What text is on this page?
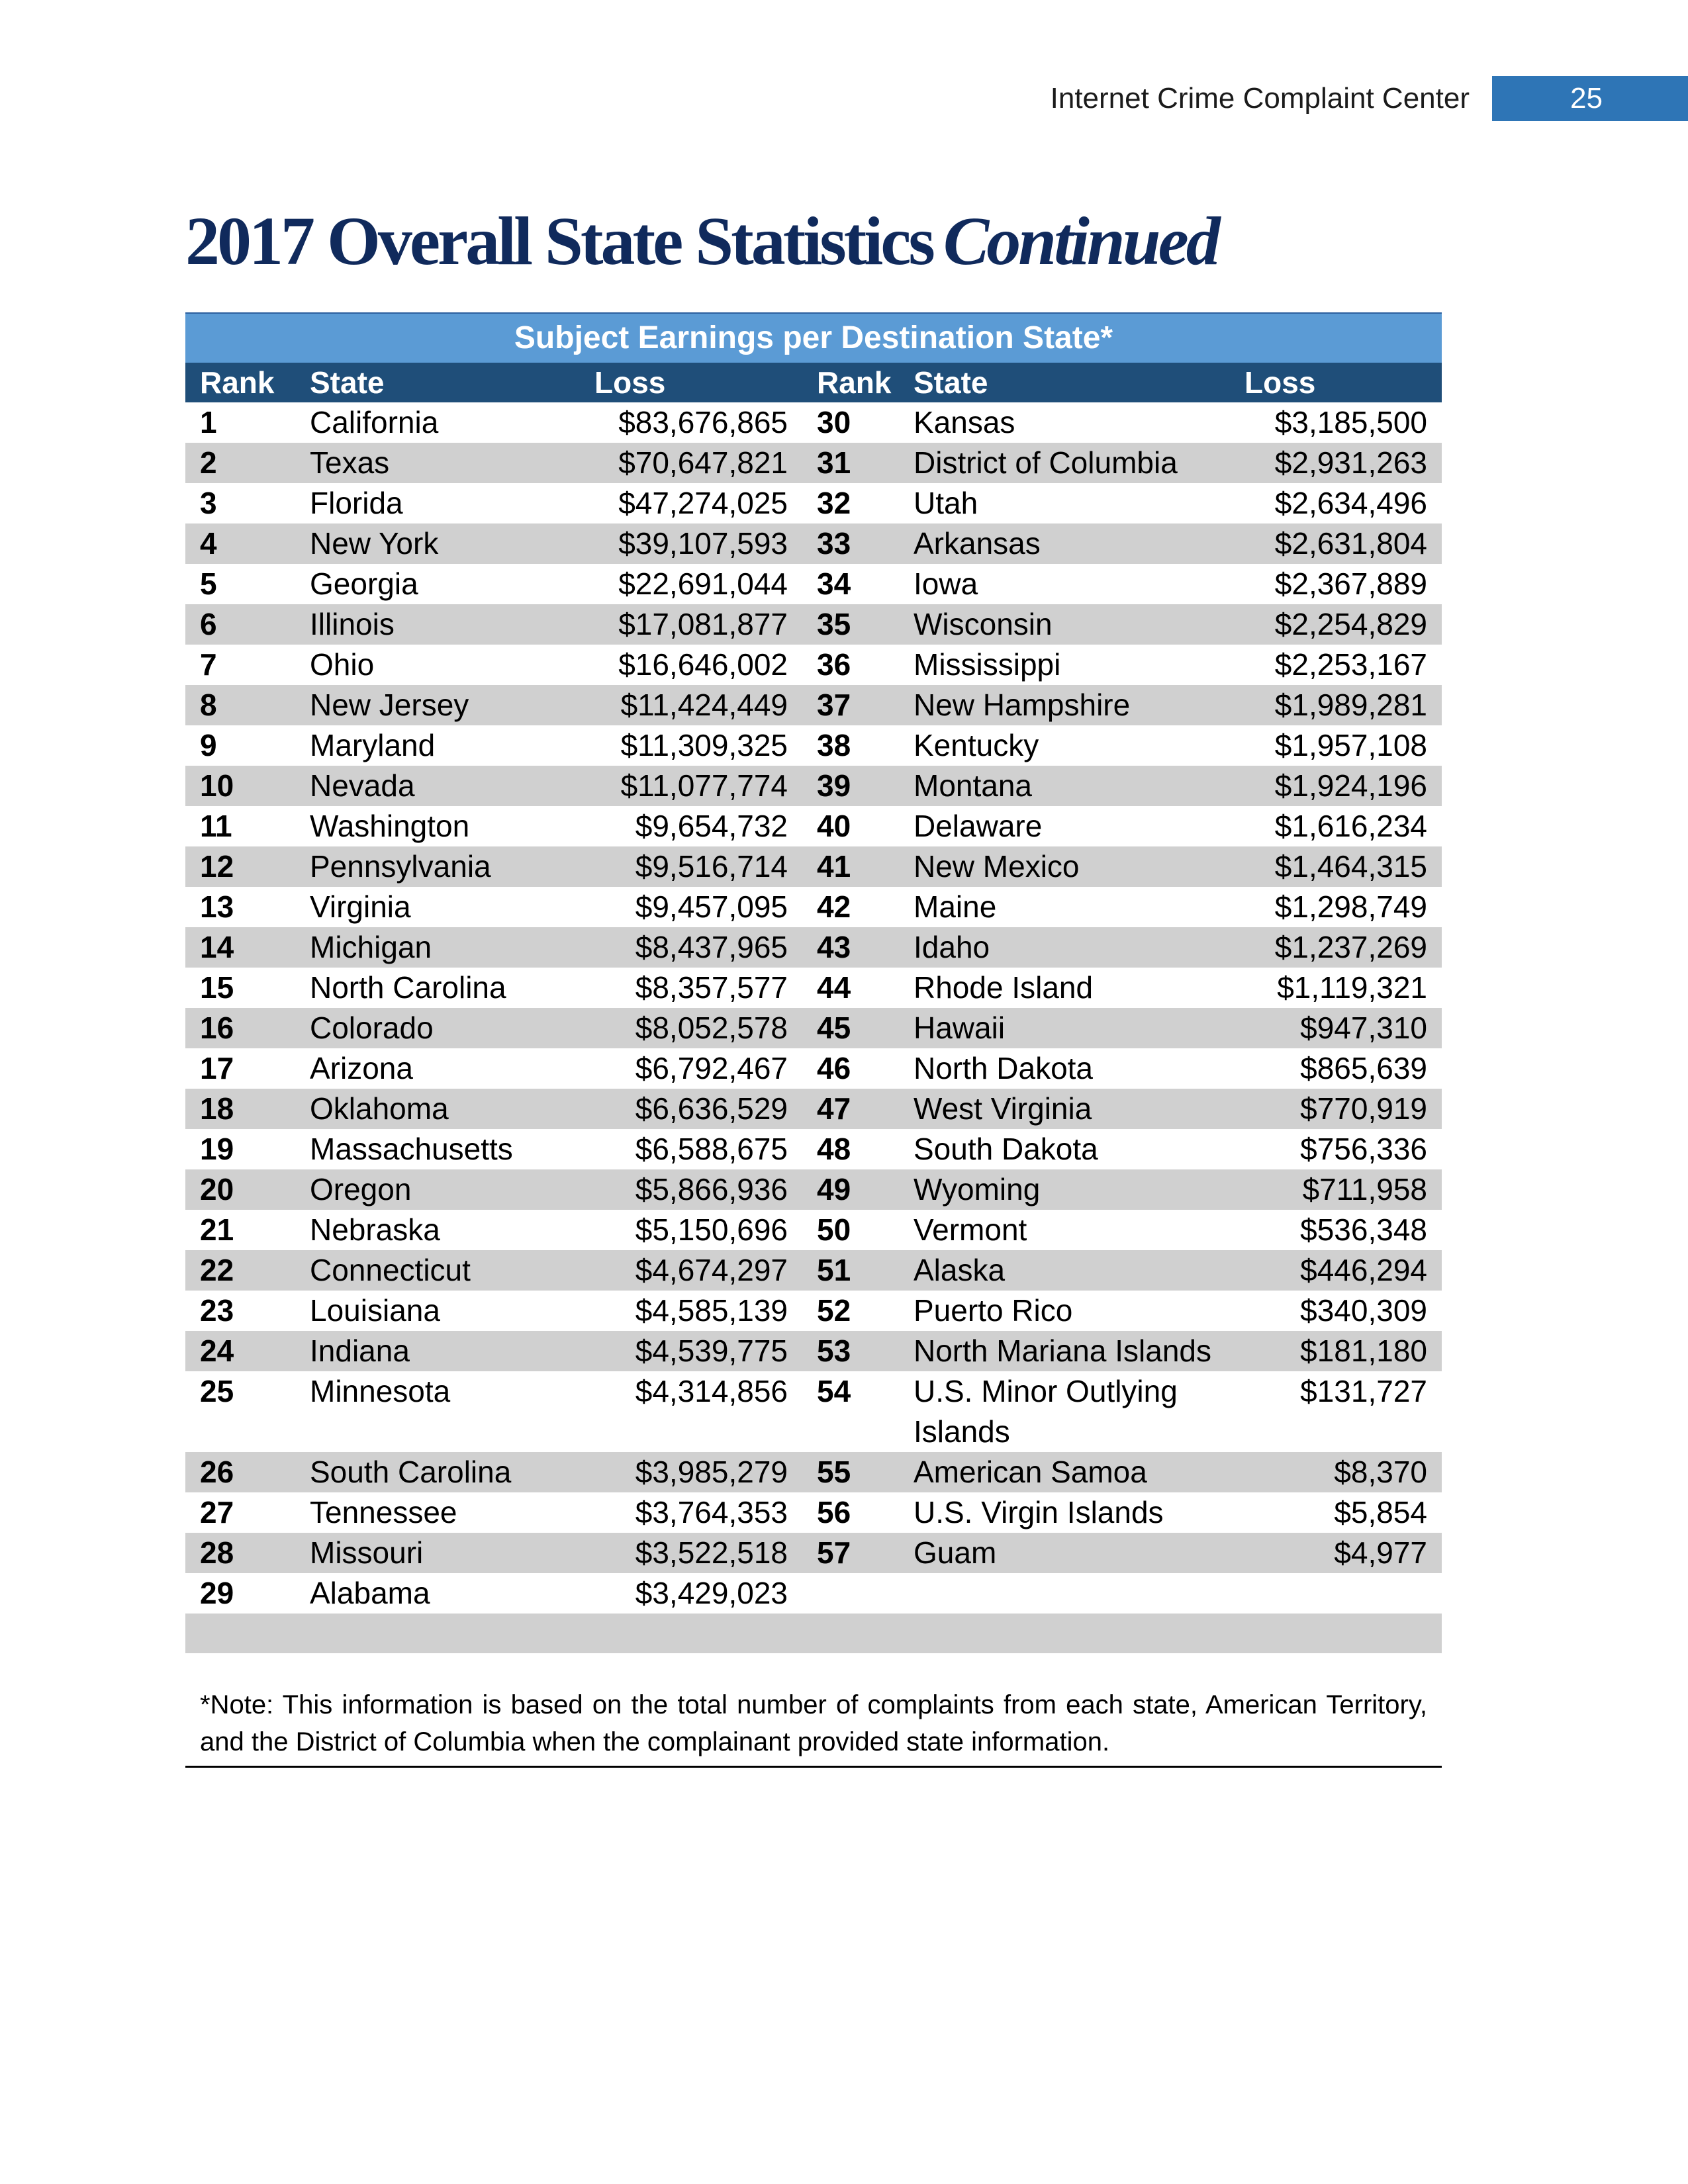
Internet Crime Complaint Center	25
2017 Overall State Statistics Continued
Subject Earnings per Destination State*					
Rank	State	Loss	Rank	State	Loss
1	California	$83,676,865	30	Kansas	$3,185,500
2	Texas	$70,647,821	31	District of Columbia	$2,931,263
3	Florida	$47,274,025	32	Utah	$2,634,496
4	New York	$39,107,593	33	Arkansas	$2,631,804
5	Georgia	$22,691,044	34	Iowa	$2,367,889
6	Illinois	$17,081,877	35	Wisconsin	$2,254,829
7	Ohio	$16,646,002	36	Mississippi	$2,253,167
8	New Jersey	$11,424,449	37	New Hampshire	$1,989,281
9	Maryland	$11,309,325	38	Kentucky	$1,957,108
10	Nevada	$11,077,774	39	Montana	$1,924,196
11	Washington	$9,654,732	40	Delaware	$1,616,234
12	Pennsylvania	$9,516,714	41	New Mexico	$1,464,315
13	Virginia	$9,457,095	42	Maine	$1,298,749
14	Michigan	$8,437,965	43	Idaho	$1,237,269
15	North Carolina	$8,357,577	44	Rhode Island	$1,119,321
16	Colorado	$8,052,578	45	Hawaii	$947,310
17	Arizona	$6,792,467	46	North Dakota	$865,639
18	Oklahoma	$6,636,529	47	West Virginia	$770,919
19	Massachusetts	$6,588,675	48	South Dakota	$756,336
20	Oregon	$5,866,936	49	Wyoming	$711,958
21	Nebraska	$5,150,696	50	Vermont	$536,348
22	Connecticut	$4,674,297	51	Alaska	$446,294
23	Louisiana	$4,585,139	52	Puerto Rico	$340,309
24	Indiana	$4,539,775	53	North Mariana Islands	$181,180
25	Minnesota	$4,314,856	54	U.S. Minor Outlying Islands	$131,727
26	South Carolina	$3,985,279	55	American Samoa	$8,370
27	Tennessee	$3,764,353	56	U.S. Virgin Islands	$5,854
28	Missouri	$3,522,518	57	Guam	$4,977
29	Alabama	$3,429,023			

*Note: This information is based on the total number of complaints from each state, American Territory, and the District of Columbia when the complainant provided state information.
